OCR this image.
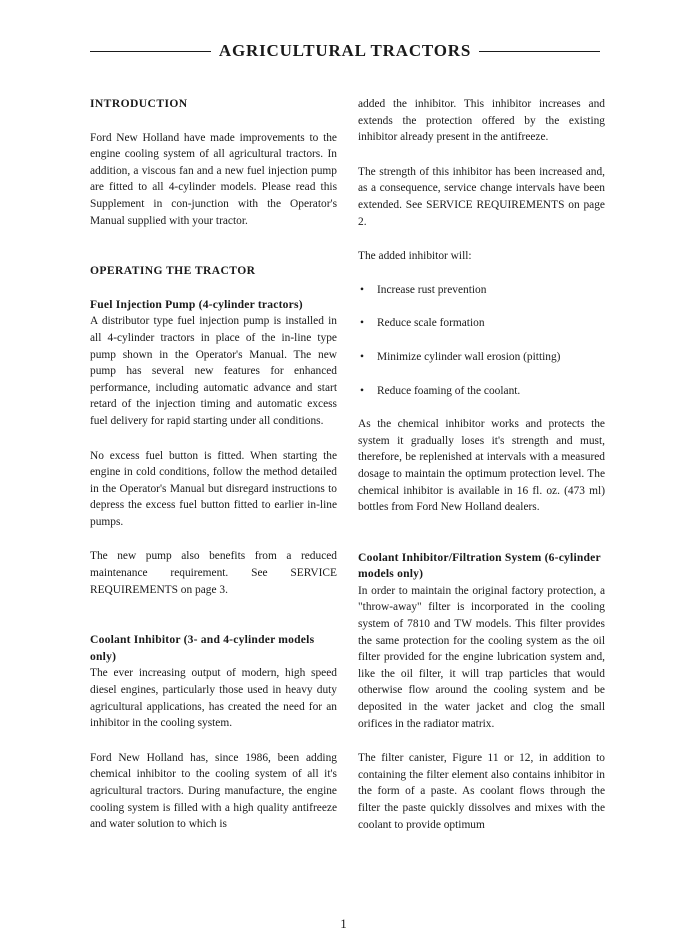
AGRICULTURAL TRACTORS
INTRODUCTION

Ford New Holland have made improvements to the engine cooling system of all agricultural tractors. In addition, a viscous fan and a new fuel injection pump are fitted to all 4-cylinder models. Please read this Supplement in con-junction with the Operator's Manual supplied with your tractor.

OPERATING THE TRACTOR
Fuel Injection Pump (4-cylinder tractors)

A distributor type fuel injection pump is installed in all 4-cylinder tractors in place of the in-line type pump shown in the Operator's Manual. The new pump has several new features for enhanced performance, including automatic advance and start retard of the injection timing and automatic excess fuel delivery for rapid starting under all conditions.

No excess fuel button is fitted. When starting the engine in cold conditions, follow the method detailed in the Operator's Manual but disregard instructions to depress the excess fuel button fitted to earlier in-line pumps.

The new pump also benefits from a reduced maintenance requirement. See SERVICE REQUIREMENTS on page 3.

Coolant Inhibitor (3- and 4-cylinder models only)

The ever increasing output of modern, high speed diesel engines, particularly those used in heavy duty agricultural applications, has created the need for an inhibitor in the cooling system.

Ford New Holland has, since 1986, been adding chemical inhibitor to the cooling system of all it's agricultural tractors. During manufacture, the engine cooling system is filled with a high quality antifreeze and water solution to which is

added the inhibitor. This inhibitor increases and extends the protection offered by the existing inhibitor already present in the antifreeze.

The strength of this inhibitor has been increased and, as a consequence, service change intervals have been extended. See SERVICE REQUIREMENTS on page 2.

The added inhibitor will:

• Increase rust prevention
• Reduce scale formation
• Minimize cylinder wall erosion (pitting)
• Reduce foaming of the coolant.

As the chemical inhibitor works and protects the system it gradually loses it's strength and must, therefore, be replenished at intervals with a measured dosage to maintain the optimum protection level. The chemical inhibitor is available in 16 fl. oz. (473 ml) bottles from Ford New Holland dealers.

Coolant Inhibitor/Filtration System (6-cylinder models only)

In order to maintain the original factory protection, a "throw-away" filter is incorporated in the cooling system of 7810 and TW models. This filter provides the same protection for the cooling system as the oil filter provided for the engine lubrication system and, like the oil filter, it will trap particles that would otherwise flow around the cooling system and be deposited in the water jacket and clog the small orifices in the radiator matrix.

The filter canister, Figure 11 or 12, in addition to containing the filter element also contains inhibitor in the form of a paste. As coolant flows through the filter the paste quickly dissolves and mixes with the coolant to provide optimum

1
